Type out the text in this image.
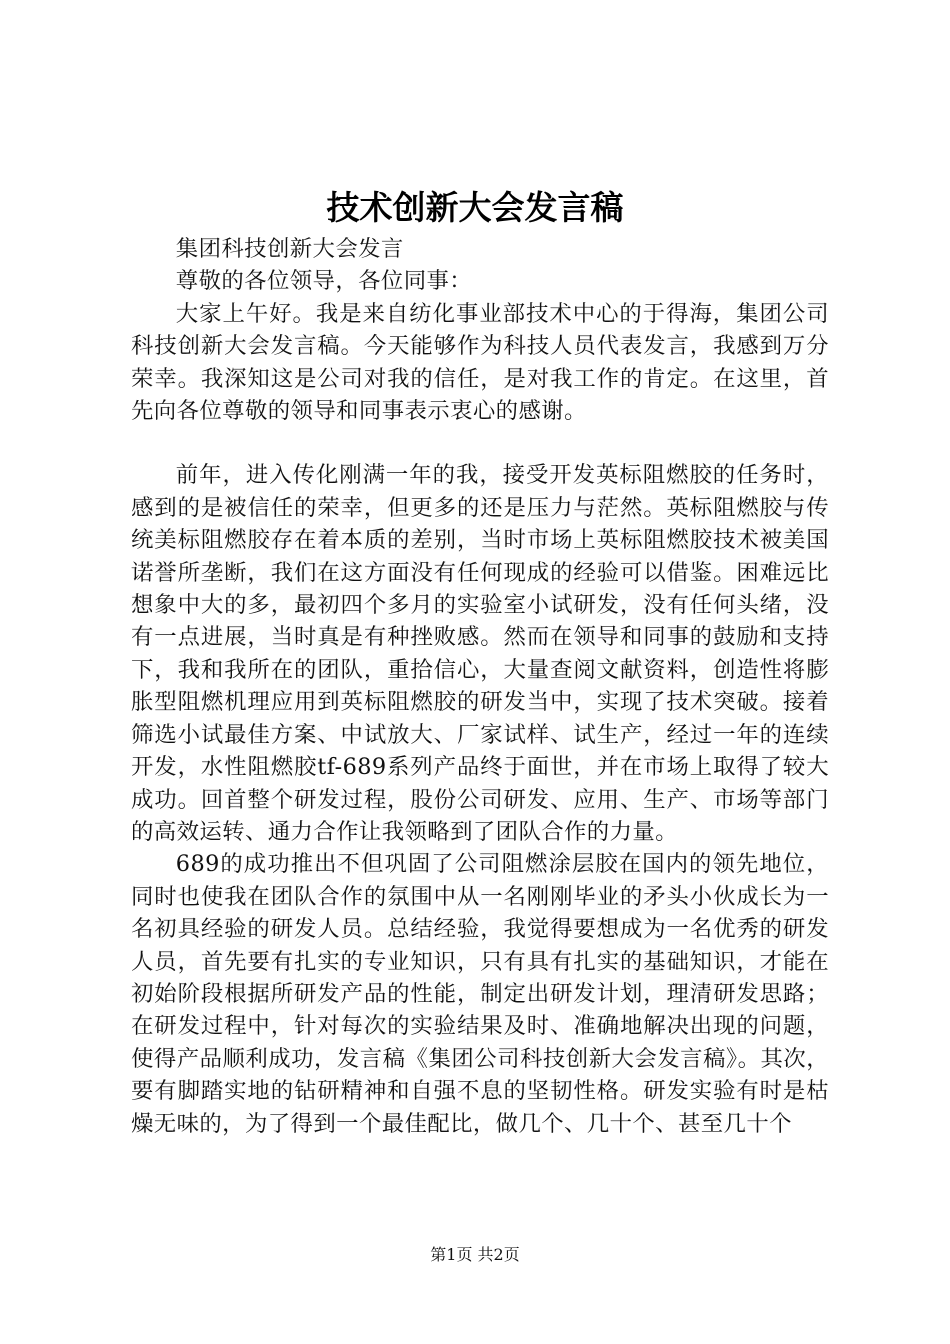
技术创新大会发言稿

集团科技创新大会发言

尊敬的各位领导，各位同事：

大家上午好。我是来自纺化事业部技术中心的于得海，集团公司科技创新大会发言稿。今天能够作为科技人员代表发言，我感到万分荣幸。我深知这是公司对我的信任，是对我工作的肯定。在这里，首先向各位尊敬的领导和同事表示衷心的感谢。

前年，进入传化刚满一年的我，接受开发英标阻燃胶的任务时，感到的是被信任的荣幸，但更多的还是压力与茫然。英标阻燃胶与传统美标阻燃胶存在着本质的差别，当时市场上英标阻燃胶技术被美国诺誉所垄断，我们在这方面没有任何现成的经验可以借鉴。困难远比想象中大的多，最初四个多月的实验室小试研发，没有任何头绪，没有一点进展，当时真是有种挫败感。然而在领导和同事的鼓励和支持下，我和我所在的团队，重拾信心，大量查阅文献资料，创造性将膨胀型阻燃机理应用到英标阻燃胶的研发当中，实现了技术突破。接着筛选小试最佳方案、中试放大、厂家试样、试生产，经过一年的连续开发，水性阻燃胶tf-689系列产品终于面世，并在市场上取得了较大成功。回首整个研发过程，股份公司研发、应用、生产、市场等部门的高效运转、通力合作让我领略到了团队合作的力量。

689的成功推出不但巩固了公司阻燃涂层胶在国内的领先地位，同时也使我在团队合作的氛围中从一名刚刚毕业的矛头小伙成长为一名初具经验的研发人员。总结经验，我觉得要想成为一名优秀的研发人员，首先要有扎实的专业知识，只有具有扎实的基础知识，才能在初始阶段根据所研发产品的性能，制定出研发计划，理清研发思路；在研发过程中，针对每次的实验结果及时、准确地解决出现的问题，使得产品顺利成功，发言稿《集团公司科技创新大会发言稿》。其次，要有脚踏实地的钻研精神和自强不息的坚韧性格。研发实验有时是枯燥无味的，为了得到一个最佳配比，做几个、几十个、甚至几十个

第1页 共2页
